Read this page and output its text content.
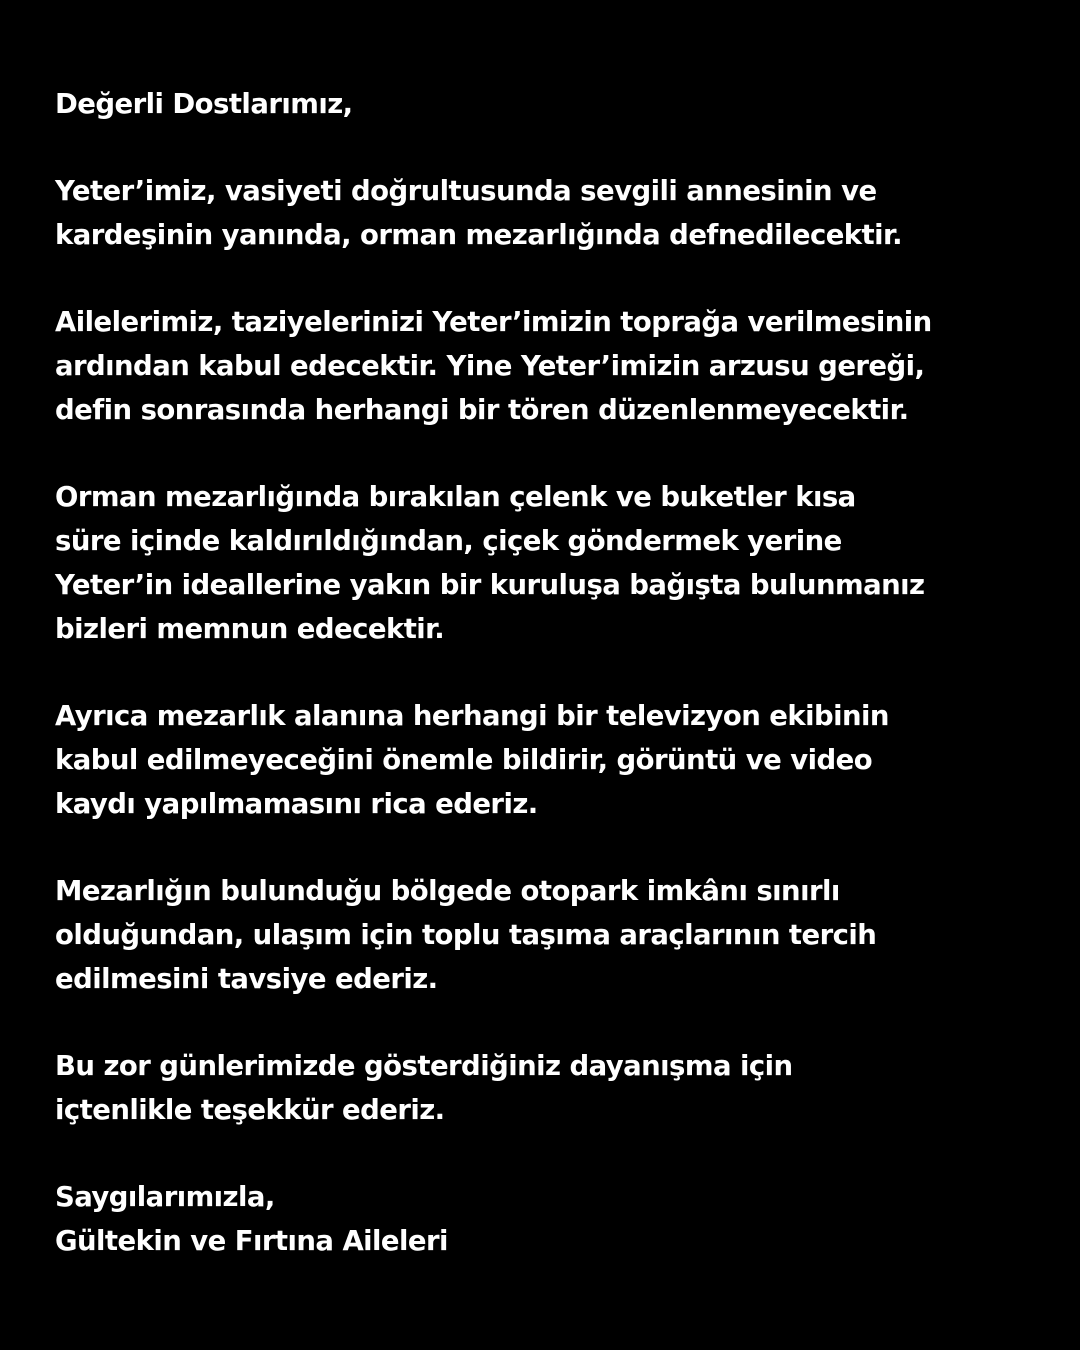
Değerli Dostlarımız,

Yeter’imiz, vasiyeti doğrultusunda sevgili annesinin ve
kardeşinin yanında, orman mezarlığında defnedilecektir.

Ailelerimiz, taziyelerinizi Yeter’imizin toprağa verilmesinin
ardından kabul edecektir. Yine Yeter’imizin arzusu gereği,
defin sonrasında herhangi bir tören düzenlenmeyecektir.

Orman mezarlığında bırakılan çelenk ve buketler kısa
süre içinde kaldırıldığından, çiçek göndermek yerine
Yeter’in ideallerine yakın bir kuruluşa bağışta bulunmanız
bizleri memnun edecektir.

Ayrıca mezarlık alanına herhangi bir televizyon ekibinin
kabul edilmeyeceğini önemle bildirir, görüntü ve video
kaydı yapılmamasını rica ederiz.

Mezarlığın bulunduğu bölgede otopark imkânı sınırlı
olduğundan, ulaşım için toplu taşıma araçlarının tercih
edilmesini tavsiye ederiz.

Bu zor günlerimizde gösterdiğiniz dayanışma için
içtenlikle teşekkür ederiz.

Saygılarımızla,
Gültekin ve Fırtına Aileleri
